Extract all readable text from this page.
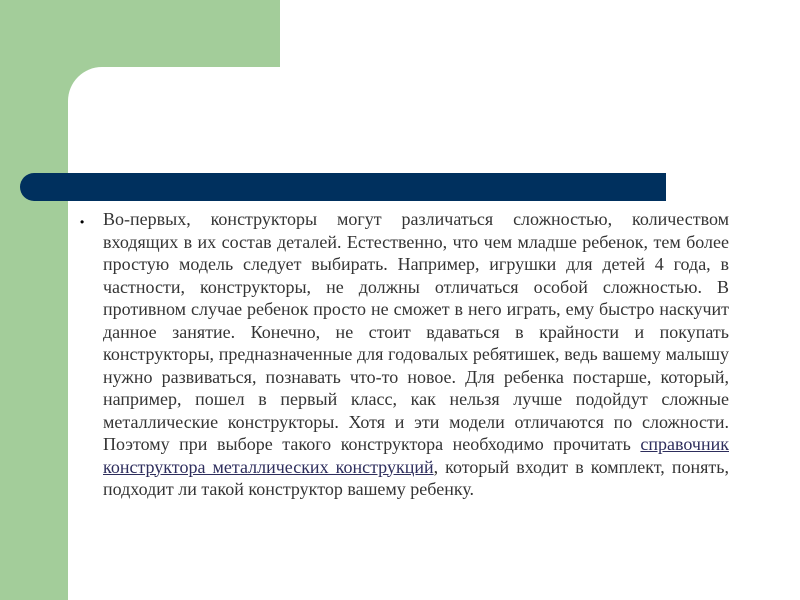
• Во-первых, конструкторы могут различаться сложностью, количеством входящих в их состав деталей. Естественно, что чем младше ребенок, тем более простую модель следует выбирать. Например, игрушки для детей 4 года, в частности, конструкторы, не должны отличаться особой сложностью. В противном случае ребенок просто не сможет в него играть, ему быстро наскучит данное занятие. Конечно, не стоит вдаваться в крайности и покупать конструкторы, предназначенные для годовалых ребятишек, ведь вашему малышу нужно развиваться, познавать что-то новое. Для ребенка постарше, который, например, пошел в первый класс, как нельзя лучше подойдут сложные металлические конструкторы. Хотя и эти модели отличаются по сложности. Поэтому при выборе такого конструктора необходимо прочитать справочник конструктора металлических конструкций, который входит в комплект, понять, подходит ли такой конструктор вашему ребенку.
